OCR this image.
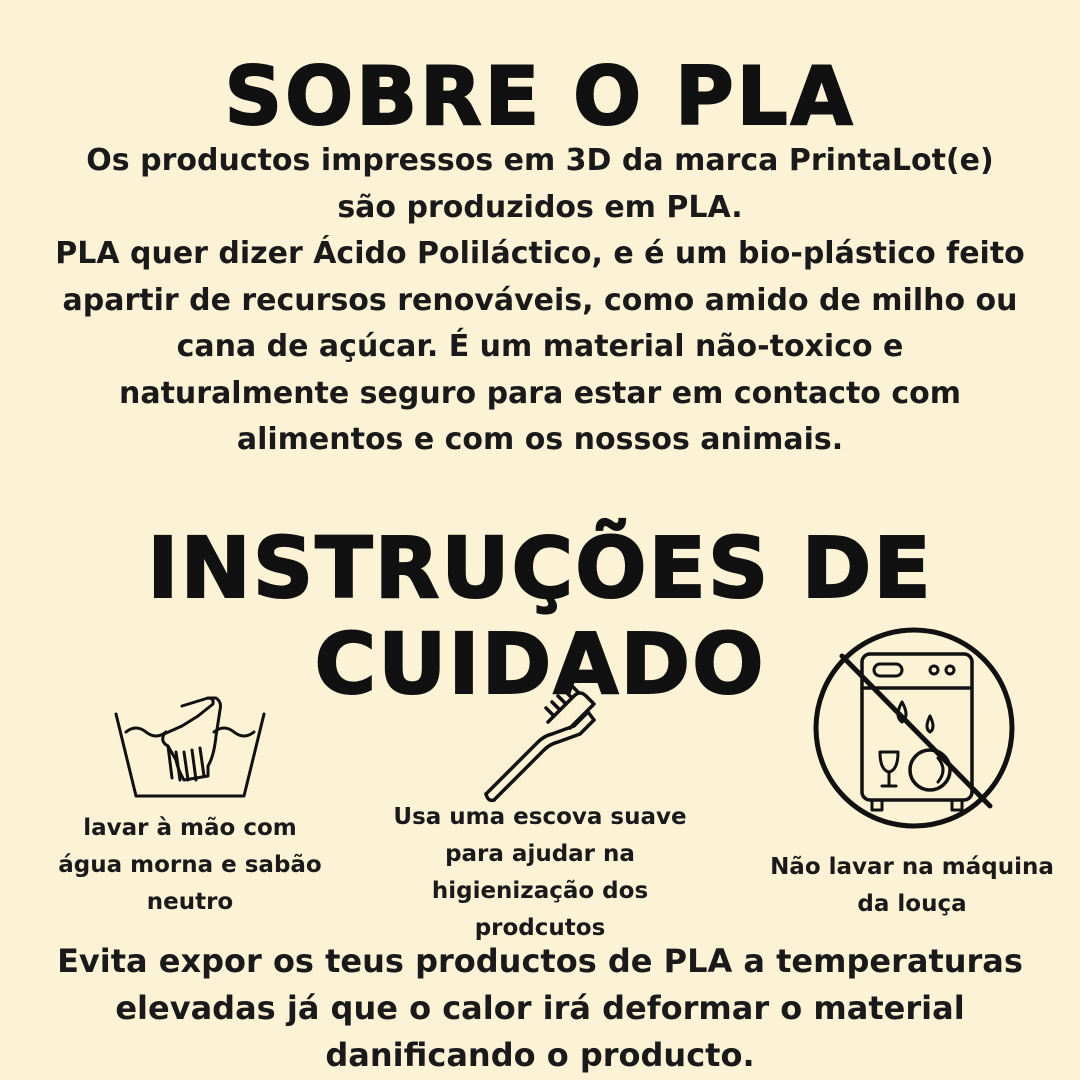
SOBRE O PLA
Os productos impressos em 3D da marca PrintaLot(e)
são produzidos em PLA.
PLA quer dizer Ácido Poliláctico, e é um bio-plástico feito
apartir de recursos renováveis, como amido de milho ou
cana de açúcar. É um material não-toxico e
naturalmente seguro para estar em contacto com
alimentos e com os nossos animais.
INSTRUÇÕES DE CUIDADO
lavar à mão com
água morna e sabão
neutro
Usa uma escova suave
para ajudar na
higienização dos
prodcutos
Não lavar na máquina
da louça
Evita expor os teus productos de PLA a temperaturas
elevadas já que o calor irá deformar o material
danificando o producto.
